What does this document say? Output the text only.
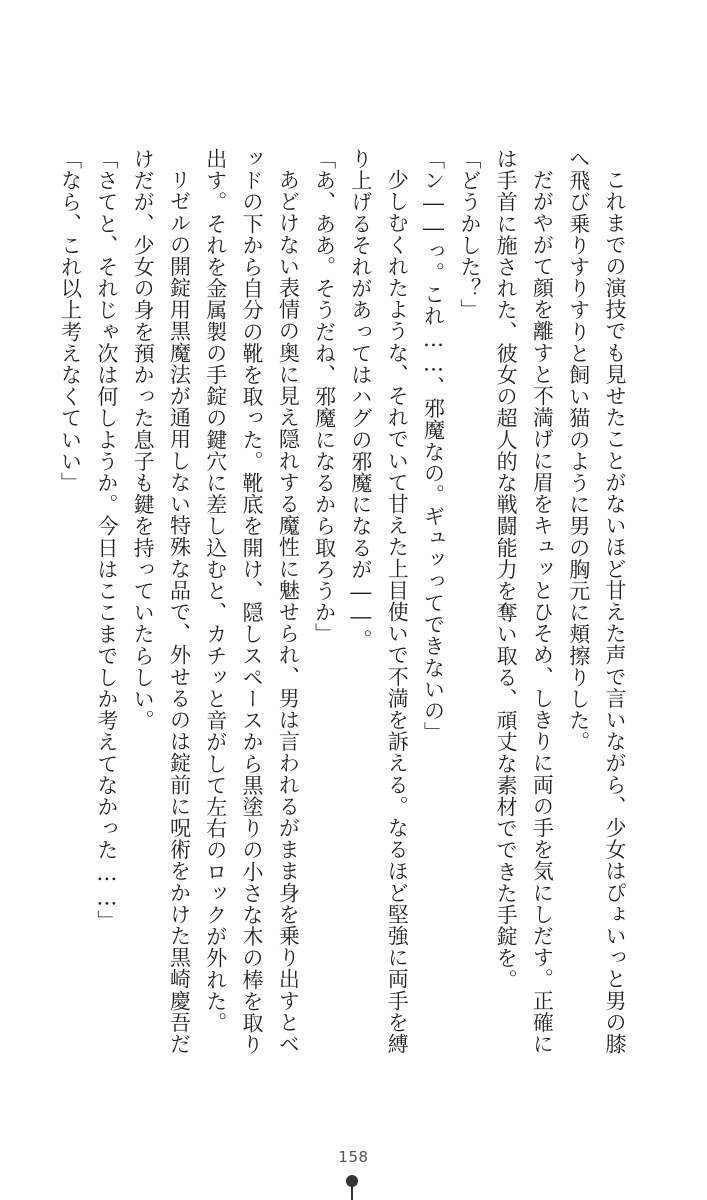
これまでの演技でも見せたことがないほど甘えた声で言いながら、少女はぴょいっと男の膝へ飛び乗りすりすりと飼い猫のように男の胸元に頬擦りした。

だがやがて顔を離すと不満げに眉をキュッとひそめ、しきりに両の手を気にしだす。正確には手首に施された、彼女の超人的な戦闘能力を奪い取る、頑丈な素材でできた手錠を。

「どうかした？」

「ン――っ。これ……、邪魔なの。ギュッってできないの」

少しむくれたような、それでいて甘えた上目使いで不満を訴える。なるほど堅強に両手を縛り上げるそれがあってはハグの邪魔になるが――。

「あ、ああ。そうだね、邪魔になるから取ろうか」

あどけない表情の奥に見え隠れする魔性に魅せられ、男は言われるがまま身を乗り出すとベッドの下から自分の靴を取った。靴底を開け、隠しスペースから黒塗りの小さな木の棒を取り出す。それを金属製の手錠の鍵穴に差し込むと、カチッと音がして左右のロックが外れた。

リゼルの開錠用黒魔法が通用しない特殊な品で、外せるのは錠前に呪術をかけた黒崎慶吾だけだが、少女の身を預かった息子も鍵を持っていたらしい。

「さてと、それじゃ次は何しようか。今日はここまでしか考えてなかった……」

「なら、これ以上考えなくていい」

158
